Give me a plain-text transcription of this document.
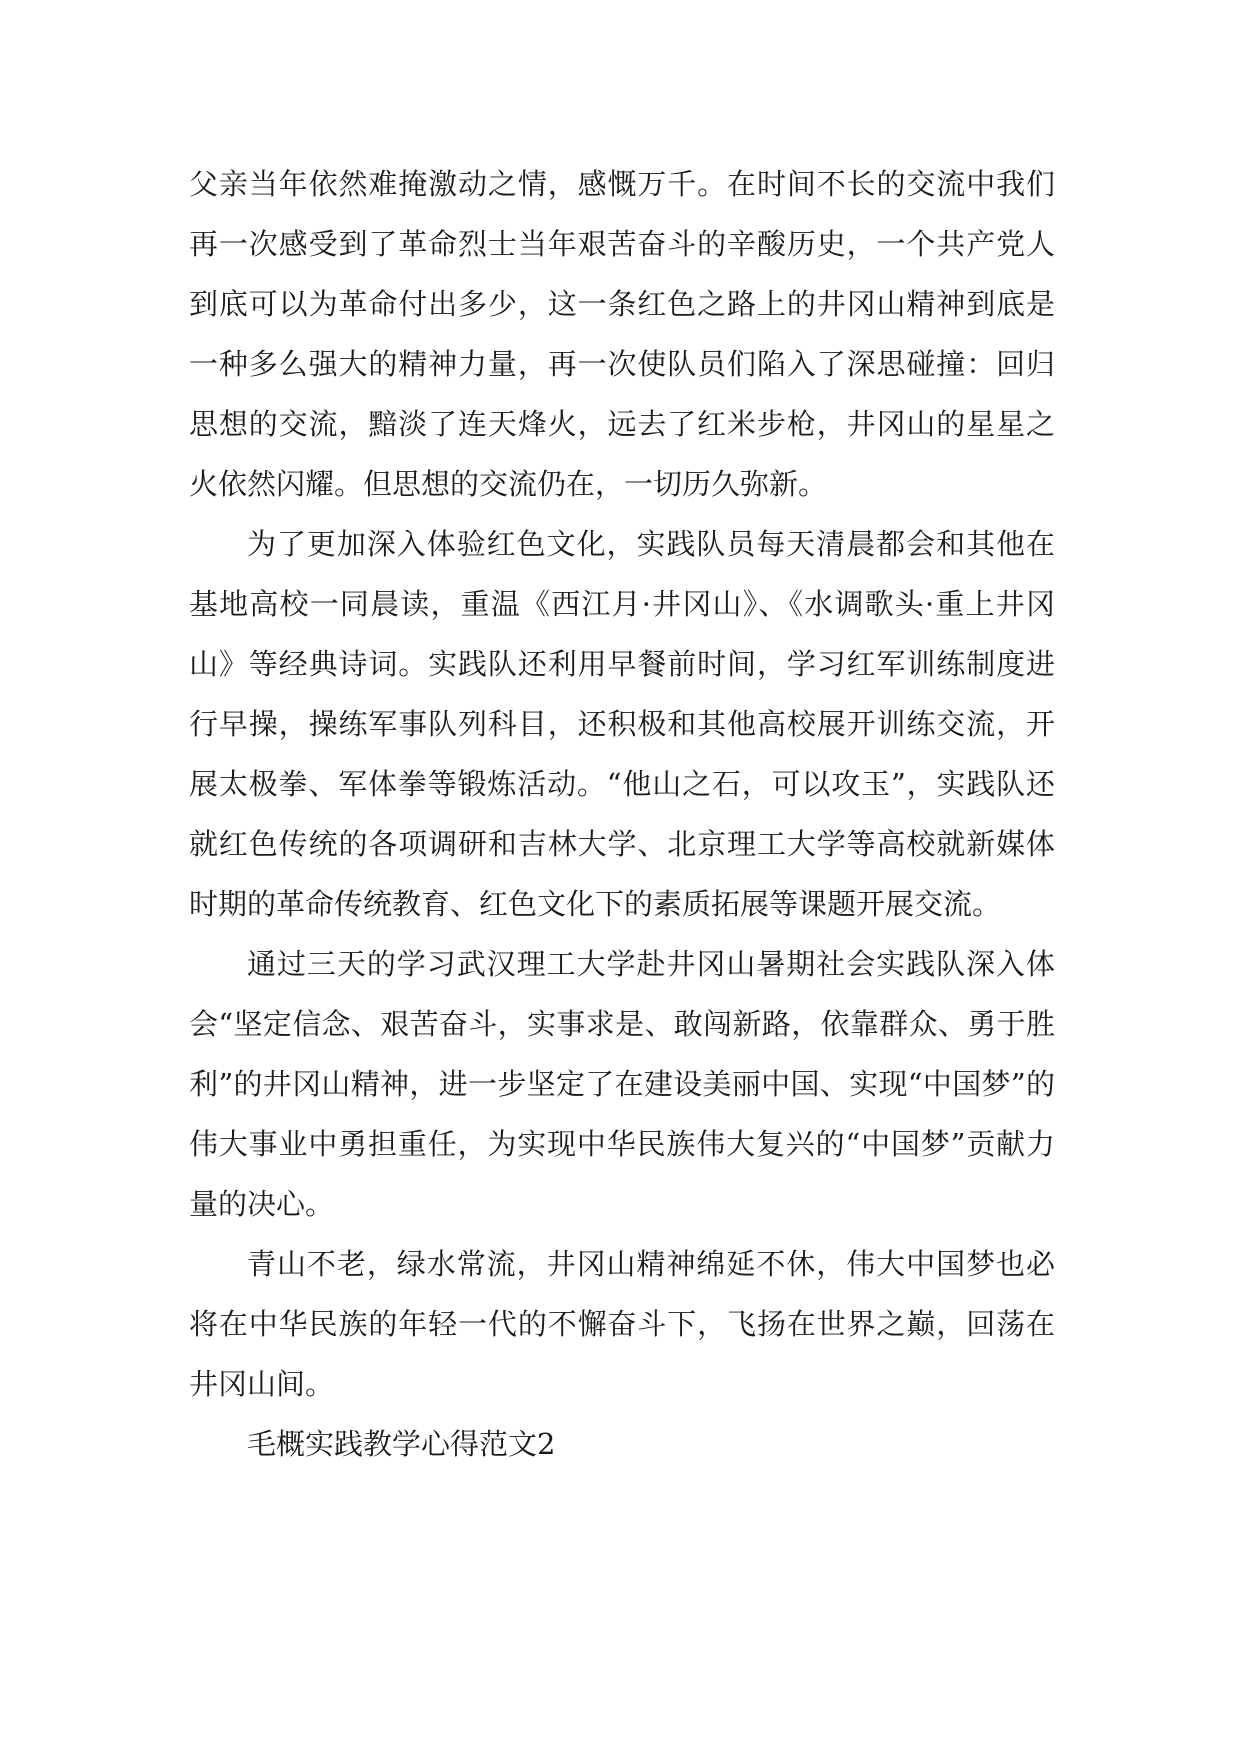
父亲当年依然难掩激动之情，感慨万千。在时间不长的交流中我们再一次感受到了革命烈士当年艰苦奋斗的辛酸历史，一个共产党人到底可以为革命付出多少，这一条红色之路上的井冈山精神到底是一种多么强大的精神力量，再一次使队员们陷入了深思碰撞：回归思想的交流，黯淡了连天烽火，远去了红米步枪，井冈山的星星之火依然闪耀。但思想的交流仍在，一切历久弥新。

为了更加深入体验红色文化，实践队员每天清晨都会和其他在基地高校一同晨读，重温《西江月·井冈山》、《水调歌头·重上井冈山》等经典诗词。实践队还利用早餐前时间，学习红军训练制度进行早操，操练军事队列科目，还积极和其他高校展开训练交流，开展太极拳、军体拳等锻炼活动。“他山之石，可以攻玉”，实践队还就红色传统的各项调研和吉林大学、北京理工大学等高校就新媒体时期的革命传统教育、红色文化下的素质拓展等课题开展交流。

通过三天的学习武汉理工大学赴井冈山暑期社会实践队深入体会“坚定信念、艰苦奋斗，实事求是、敢闯新路，依靠群众、勇于胜利”的井冈山精神，进一步坚定了在建设美丽中国、实现“中国梦”的伟大事业中勇担重任，为实现中华民族伟大复兴的“中国梦”贡献力量的决心。

青山不老，绿水常流，井冈山精神绵延不休，伟大中国梦也必将在中华民族的年轻一代的不懈奋斗下，飞扬在世界之巅，回荡在井冈山间。

毛概实践教学心得范文2
